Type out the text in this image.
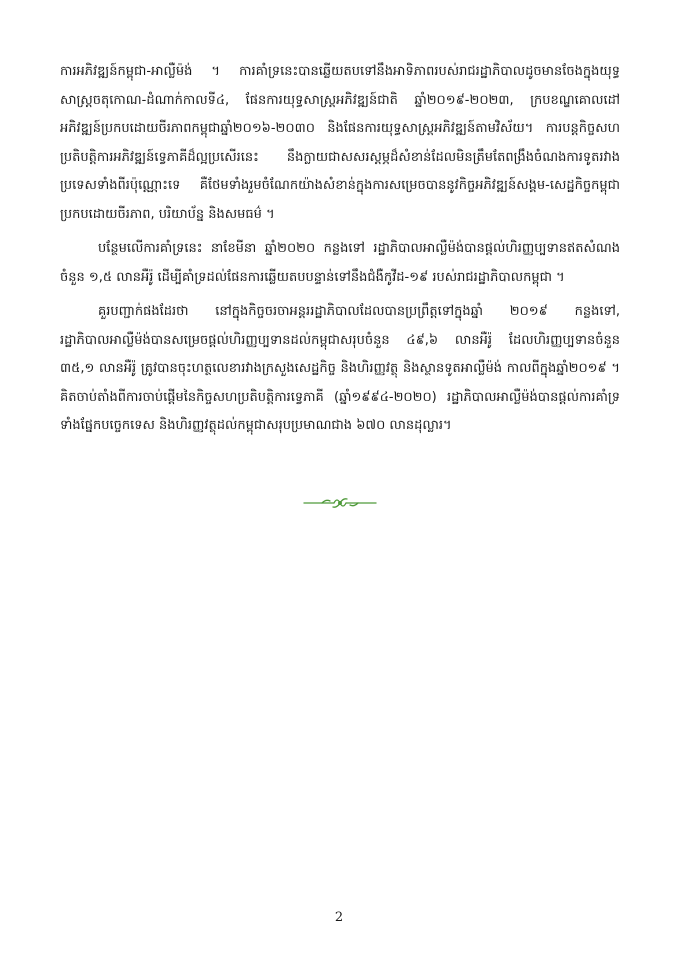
ការអភិវឌ្ឍន៍កម្ពុជា-អាល្លឺម៉ង់ ។ ការគាំទ្រនេះបានឆ្លើយតបទៅនឹងអាទិភាពរបស់រាជរដ្ឋាភិបាលដូចមានចែងក្នុងយុទ្ធសាស្ត្រចតុកោណ-ដំណាក់កាលទី៤, ផែនការយុទ្ធសាស្ត្រអភិវឌ្ឍន៍ជាតិ ឆ្នាំ២០១៩-២០២៣, ក្របខណ្ឌគោលដៅអភិវឌ្ឍន៍ប្រកបដោយចីរភាពកម្ពុជាឆ្នាំ២០១៦-២០៣០ និងផែនការយុទ្ធសាស្ត្រអភិវឌ្ឍន៍តាមវិស័យ។ ការបន្តកិច្ចសហប្រតិបត្តិការអភិវឌ្ឍន៍ទ្វេភាគីដ៏ល្អប្រសើរនេះ នឹងក្លាយជាសសរស្តម្ភដ៏សំខាន់ដែលមិនត្រឹមតែពង្រឹងចំណងការទូតរវាងប្រទេសទាំងពីរប៉ុណ្ណោះទេ គឺថែមទាំងរួមចំណែកយ៉ាងសំខាន់ក្នុងការសម្រេចបាននូវកិច្ចអភិវឌ្ឍន៍សង្គម-សេដ្ឋកិច្ចកម្ពុជាប្រកបដោយចីរភាព, បរិយាប័ន្ន និងសមធម៌ ។

បន្ថែមលើការគាំទ្រនេះ នាខែមីនា ឆ្នាំ២០២០ កន្លងទៅ រដ្ឋាភិបាលអាល្លឺម៉ង់បានផ្ដល់ហិរញ្ញប្បទានឥតសំណងចំនួន ១,៥ លានអឺរ៉ូ ដើម្បីគាំទ្រដល់ផែនការឆ្លើយតបបន្ទាន់ទៅនឹងជំងឺកូវីដ-១៩ របស់រាជរដ្ឋាភិបាលកម្ពុជា ។

គួរបញ្ជាក់ផងដែរថា នៅក្នុងកិច្ចចរចាអន្តររដ្ឋាភិបាលដែលបានប្រព្រឹត្តទៅក្នុងឆ្នាំ ២០១៩ កន្លងទៅ, រដ្ឋាភិបាលអាល្លឺម៉ង់បានសម្រេចផ្ដល់ហិរញ្ញប្បទានដល់កម្ពុជាសរុបចំនួន ៤៩,៦ លានអឺរ៉ូ ដែលហិរញ្ញប្បទានចំនួន ៣៥,១ លានអឺរ៉ូ ត្រូវបានចុះហត្ថលេខារវាងក្រសួងសេដ្ឋកិច្ច និងហិរញ្ញវត្ថុ និងស្ថានទូតអាល្លឺម៉ង់ កាលពីក្នុងឆ្នាំ២០១៩ ។ គិតចាប់តាំងពីការចាប់ផ្ដើមនៃកិច្ចសហប្រតិបត្តិការទ្វេភាគី (ឆ្នាំ១៩៩៤-២០២០) រដ្ឋាភិបាលអាល្លឺម៉ង់បានផ្ដល់ការគាំទ្រទាំងផ្នែកបច្ចេកទេស និងហិរញ្ញវត្ថុដល់កម្ពុជាសរុបប្រមាណជាង ៦៧០ លានដុល្លារ។

2
